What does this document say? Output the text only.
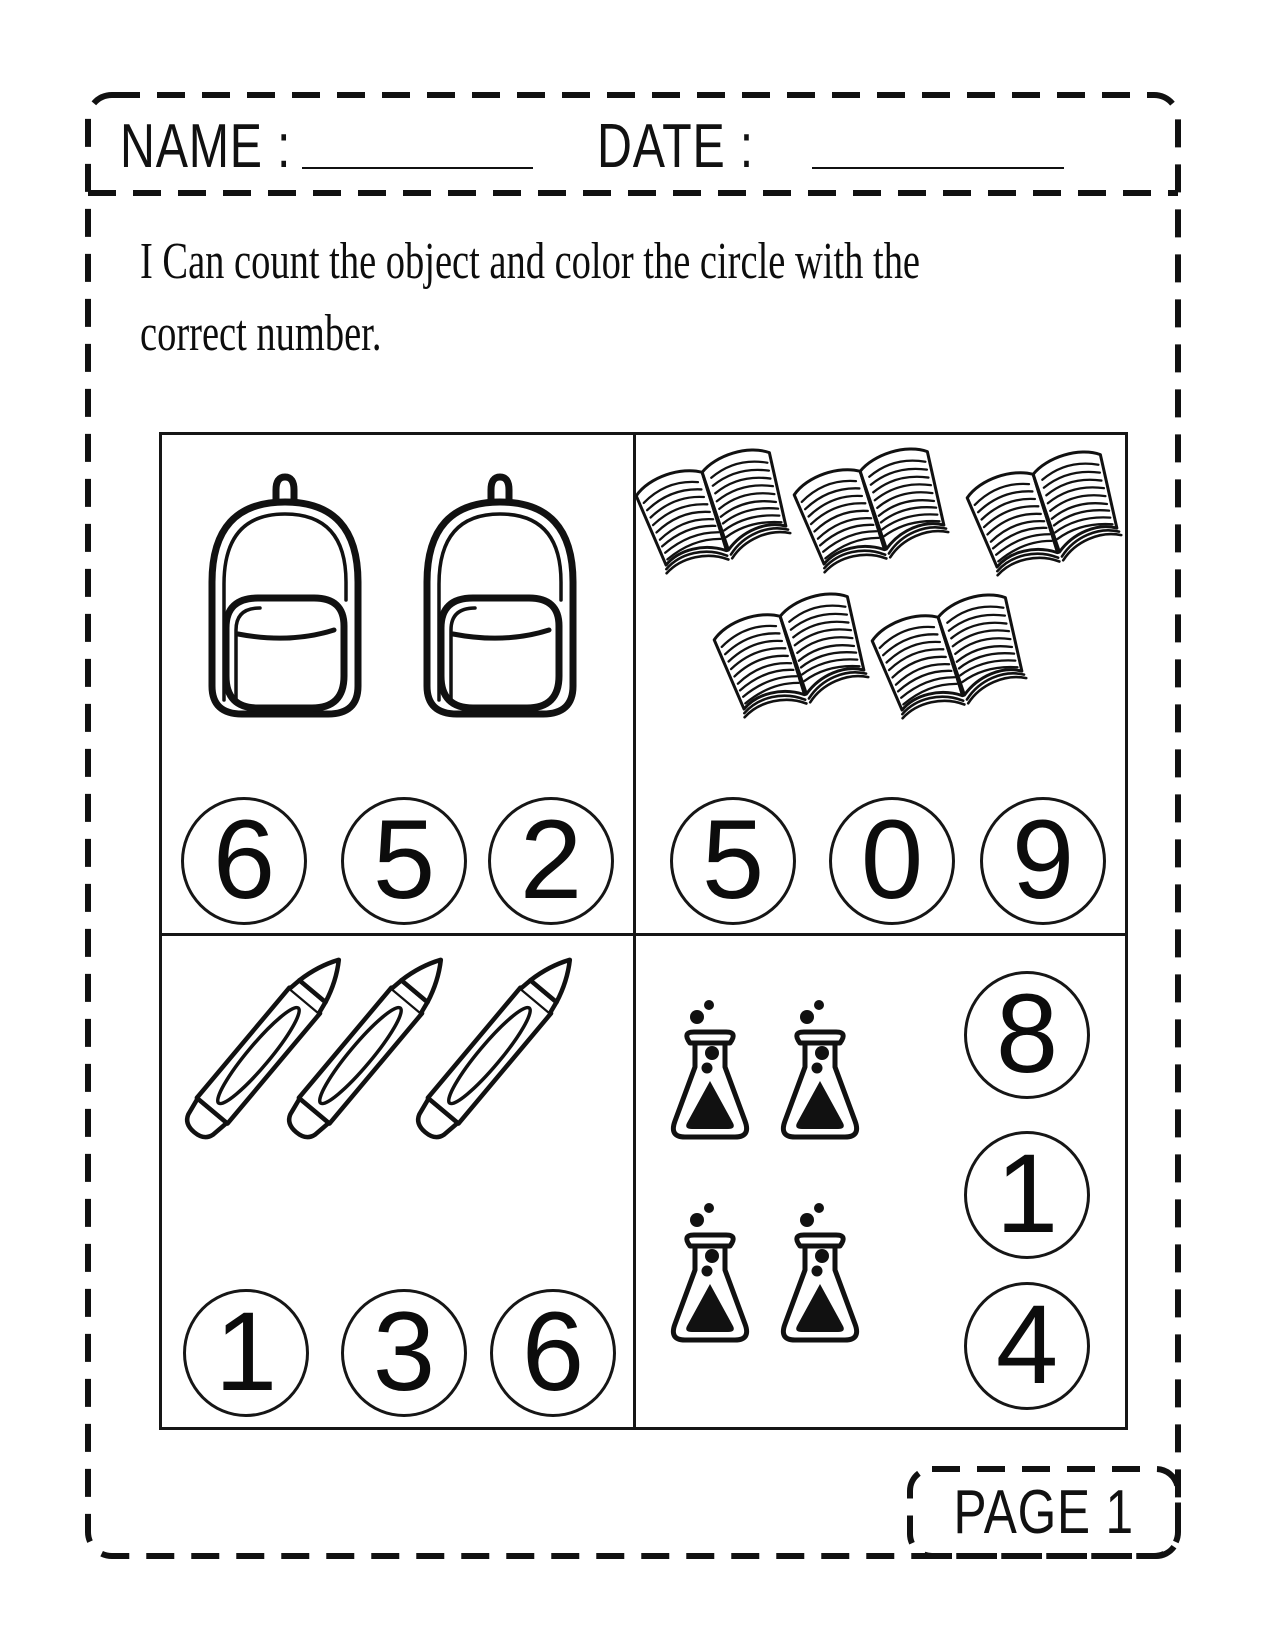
NAME :	DATE :
I Can count the object and color the circle with the
correct number.
6 5 2 5 0 9
1 3 6
8
1
4
PAGE 1
